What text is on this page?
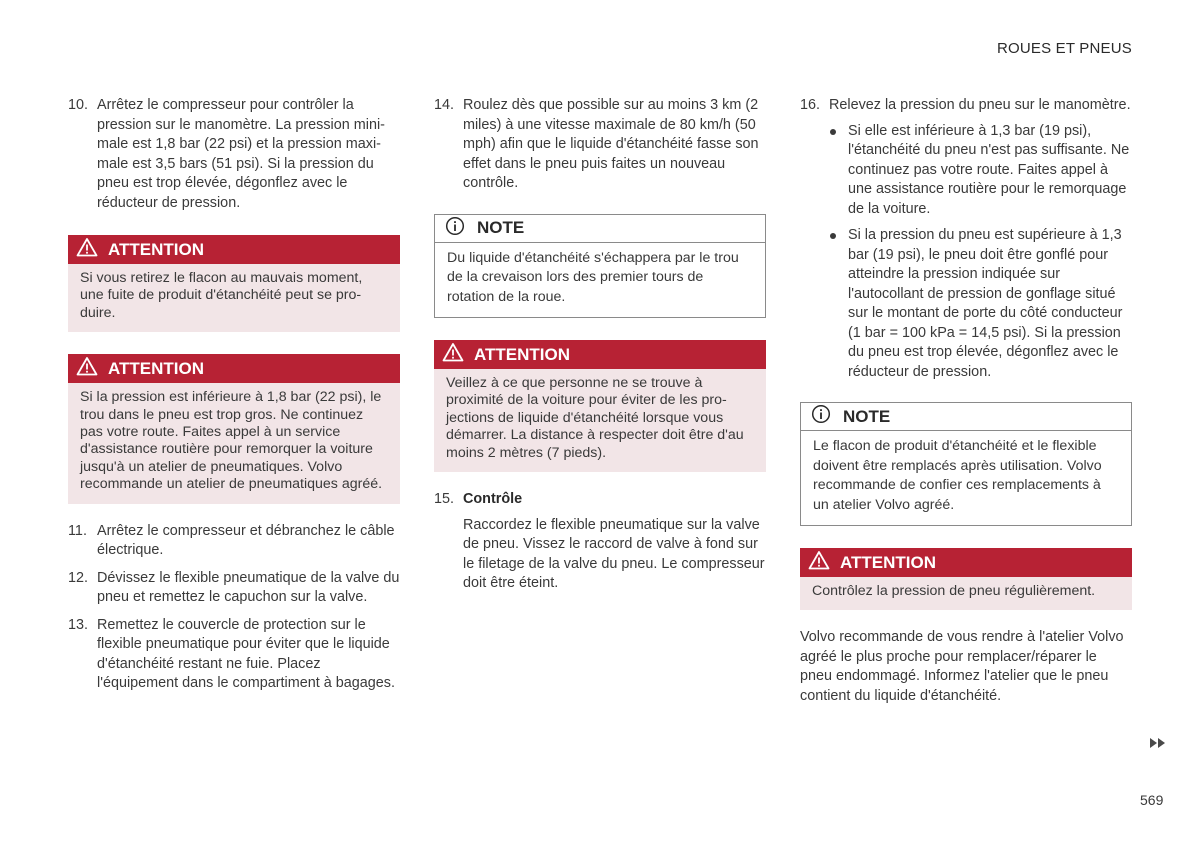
ROUES ET PNEUS
10. Arrêtez le compresseur pour contrôler la pression sur le manomètre. La pression minimale est 1,8 bar (22 psi) et la pression maximale est 3,5 bars (51 psi). Si la pression du pneu est trop élevée, dégonflez avec le réducteur de pression.
ATTENTION
Si vous retirez le flacon au mauvais moment, une fuite de produit d'étanchéité peut se produire.
ATTENTION
Si la pression est inférieure à 1,8 bar (22 psi), le trou dans le pneu est trop gros. Ne continuez pas votre route. Faites appel à un service d'assistance routière pour remorquer la voiture jusqu'à un atelier de pneumatiques. Volvo recommande un atelier de pneumatiques agréé.
11. Arrêtez le compresseur et débranchez le câble électrique.
12. Dévissez le flexible pneumatique de la valve du pneu et remettez le capuchon sur la valve.
13. Remettez le couvercle de protection sur le flexible pneumatique pour éviter que le liquide d'étanchéité restant ne fuie. Placez l'équipement dans le compartiment à bagages.
14. Roulez dès que possible sur au moins 3 km (2 miles) à une vitesse maximale de 80 km/h (50 mph) afin que le liquide d'étanchéité fasse son effet dans le pneu puis faites un nouveau contrôle.
NOTE
Du liquide d'étanchéité s'échappera par le trou de la crevaison lors des premier tours de rotation de la roue.
ATTENTION
Veillez à ce que personne ne se trouve à proximité de la voiture pour éviter de les projections de liquide d'étanchéité lorsque vous démarrer. La distance à respecter doit être d'au moins 2 mètres (7 pieds).
15. Contrôle
Raccordez le flexible pneumatique sur la valve de pneu. Vissez le raccord de valve à fond sur le filetage de la valve du pneu. Le compresseur doit être éteint.
16. Relevez la pression du pneu sur le manomètre.
Si elle est inférieure à 1,3 bar (19 psi), l'étanchéité du pneu n'est pas suffisante. Ne continuez pas votre route. Faites appel à une assistance routière pour le remorquage de la voiture.
Si la pression du pneu est supérieure à 1,3 bar (19 psi), le pneu doit être gonflé pour atteindre la pression indiquée sur l'autocollant de pression de gonflage situé sur le montant de porte du côté conducteur (1 bar = 100 kPa = 14,5 psi). Si la pression du pneu est trop élevée, dégonflez avec le réducteur de pression.
NOTE
Le flacon de produit d'étanchéité et le flexible doivent être remplacés après utilisation. Volvo recommande de confier ces remplacements à un atelier Volvo agréé.
ATTENTION
Contrôlez la pression de pneu régulièrement.
Volvo recommande de vous rendre à l'atelier Volvo agréé le plus proche pour remplacer/réparer le pneu endommagé. Informez l'atelier que le pneu contient du liquide d'étanchéité.
569
